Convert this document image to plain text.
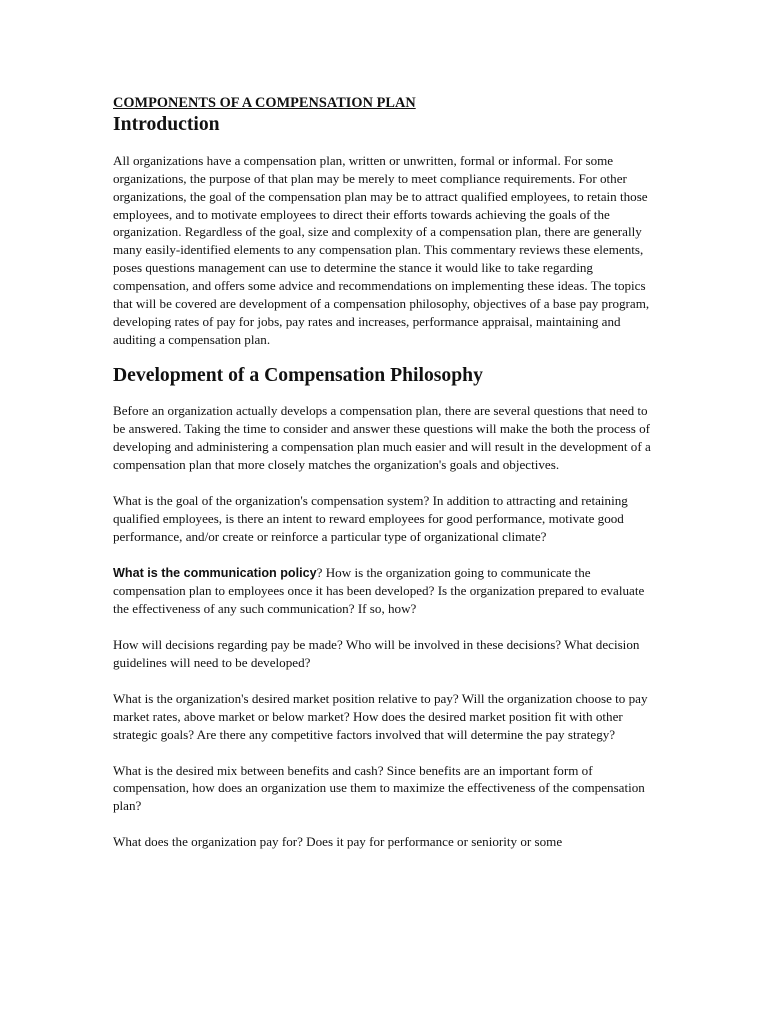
COMPONENTS OF A COMPENSATION PLAN
Introduction

All organizations have a compensation plan, written or unwritten, formal or informal. For some organizations, the purpose of that plan may be merely to meet compliance requirements. For other organizations, the goal of the compensation plan may be to attract qualified employees, to retain those employees, and to motivate employees to direct their efforts towards achieving the goals of the organization. Regardless of the goal, size and complexity of a compensation plan, there are generally many easily-identified elements to any compensation plan. This commentary reviews these elements, poses questions management can use to determine the stance it would like to take regarding compensation, and offers some advice and recommendations on implementing these ideas. The topics that will be covered are development of a compensation philosophy, objectives of a base pay program, developing rates of pay for jobs, pay rates and increases, performance appraisal, maintaining and auditing a compensation plan.

Development of a Compensation Philosophy

Before an organization actually develops a compensation plan, there are several questions that need to be answered. Taking the time to consider and answer these questions will make the both the process of developing and administering a compensation plan much easier and will result in the development of a compensation plan that more closely matches the organization's goals and objectives.

What is the goal of the organization's compensation system? In addition to attracting and retaining qualified employees, is there an intent to reward employees for good performance, motivate good performance, and/or create or reinforce a particular type of organizational climate?

What is the communication policy? How is the organization going to communicate the compensation plan to employees once it has been developed? Is the organization prepared to evaluate the effectiveness of any such communication? If so, how?

How will decisions regarding pay be made? Who will be involved in these decisions? What decision guidelines will need to be developed?

What is the organization's desired market position relative to pay? Will the organization choose to pay market rates, above market or below market? How does the desired market position fit with other strategic goals? Are there any competitive factors involved that will determine the pay strategy?

What is the desired mix between benefits and cash? Since benefits are an important form of compensation, how does an organization use them to maximize the effectiveness of the compensation plan?

What does the organization pay for? Does it pay for performance or seniority or some
